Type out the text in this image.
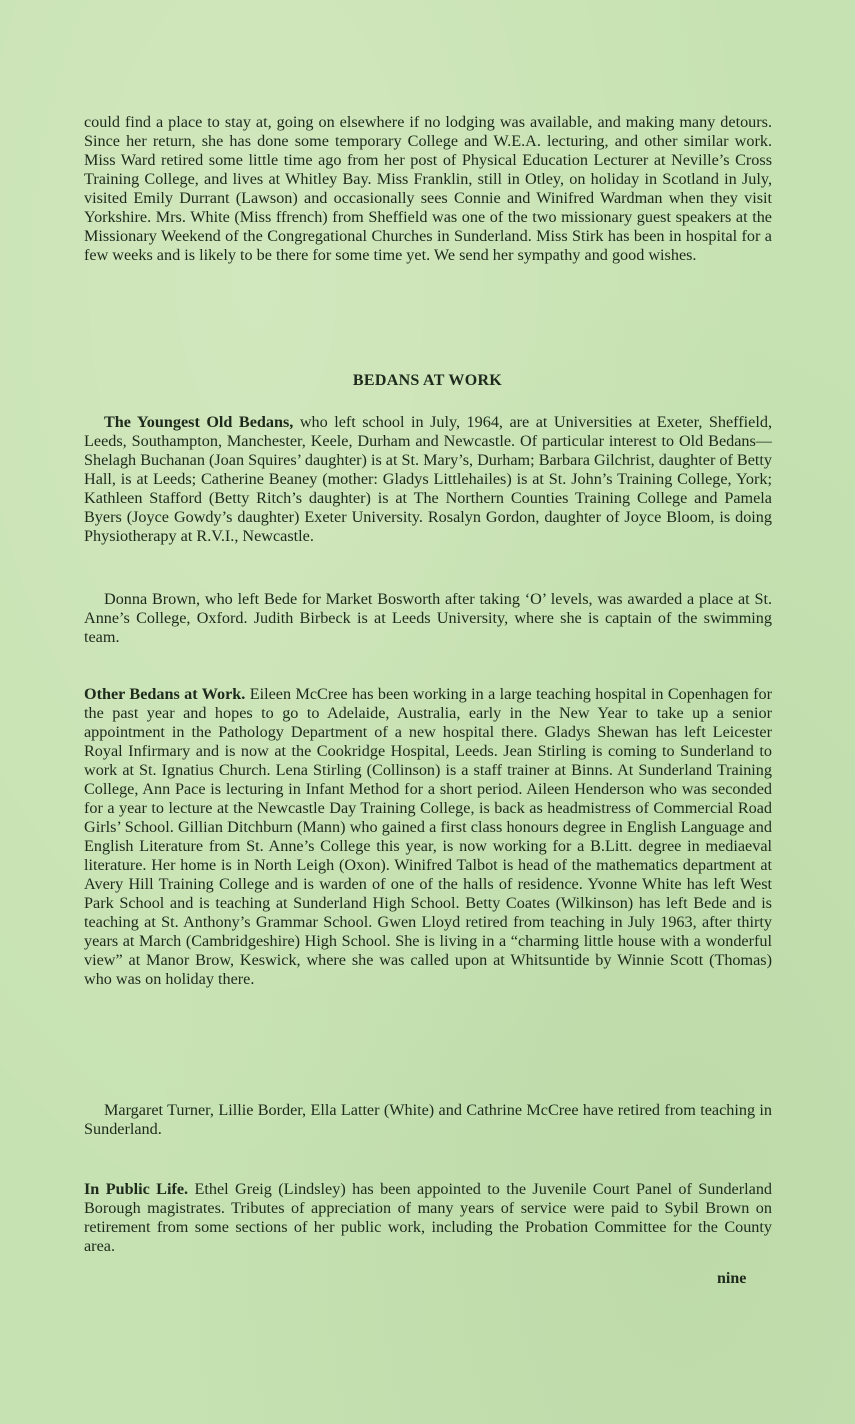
could find a place to stay at, going on elsewhere if no lodging was available, and making many detours. Since her return, she has done some temporary College and W.E.A. lecturing, and other similar work. Miss Ward retired some little time ago from her post of Physical Education Lecturer at Neville’s Cross Training College, and lives at Whitley Bay. Miss Franklin, still in Otley, on holiday in Scotland in July, visited Emily Durrant (Lawson) and occasionally sees Connie and Winifred Wardman when they visit Yorkshire. Mrs. White (Miss ffrench) from Sheffield was one of the two missionary guest speakers at the Missionary Weekend of the Congregational Churches in Sunderland. Miss Stirk has been in hospital for a few weeks and is likely to be there for some time yet. We send her sympathy and good wishes.

BEDANS AT WORK

The Youngest Old Bedans, who left school in July, 1964, are at Universities at Exeter, Sheffield, Leeds, Southampton, Manchester, Keele, Durham and Newcastle. Of particular interest to Old Bedans—Shelagh Buchanan (Joan Squires’ daughter) is at St. Mary’s, Durham; Barbara Gilchrist, daughter of Betty Hall, is at Leeds; Catherine Beaney (mother: Gladys Littlehailes) is at St. John’s Training College, York; Kathleen Stafford (Betty Ritch’s daughter) is at The Northern Counties Training College and Pamela Byers (Joyce Gowdy’s daughter) Exeter University. Rosalyn Gordon, daughter of Joyce Bloom, is doing Physiotherapy at R.V.I., Newcastle.

Donna Brown, who left Bede for Market Bosworth after taking ‘O’ levels, was awarded a place at St. Anne’s College, Oxford. Judith Birbeck is at Leeds University, where she is captain of the swimming team.

Other Bedans at Work. Eileen McCree has been working in a large teaching hospital in Copenhagen for the past year and hopes to go to Adelaide, Australia, early in the New Year to take up a senior appointment in the Pathology Department of a new hospital there. Gladys Shewan has left Leicester Royal Infirmary and is now at the Cookridge Hospital, Leeds. Jean Stirling is coming to Sunderland to work at St. Ignatius Church. Lena Stirling (Collinson) is a staff trainer at Binns. At Sunderland Training College, Ann Pace is lecturing in Infant Method for a short period. Aileen Henderson who was seconded for a year to lecture at the Newcastle Day Training College, is back as headmistress of Commercial Road Girls’ School. Gillian Ditchburn (Mann) who gained a first class honours degree in English Language and English Literature from St. Anne’s College this year, is now working for a B.Litt. degree in mediaeval literature. Her home is in North Leigh (Oxon). Winifred Talbot is head of the mathematics department at Avery Hill Training College and is warden of one of the halls of residence. Yvonne White has left West Park School and is teaching at Sunderland High School. Betty Coates (Wilkinson) has left Bede and is teaching at St. Anthony’s Grammar School. Gwen Lloyd retired from teaching in July 1963, after thirty years at March (Cambridgeshire) High School. She is living in a “charming little house with a wonderful view” at Manor Brow, Keswick, where she was called upon at Whitsuntide by Winnie Scott (Thomas) who was on holiday there.

Margaret Turner, Lillie Border, Ella Latter (White) and Cathrine McCree have retired from teaching in Sunderland.

In Public Life. Ethel Greig (Lindsley) has been appointed to the Juvenile Court Panel of Sunderland Borough magistrates. Tributes of appreciation of many years of service were paid to Sybil Brown on retirement from some sections of her public work, including the Probation Committee for the County area.

nine
